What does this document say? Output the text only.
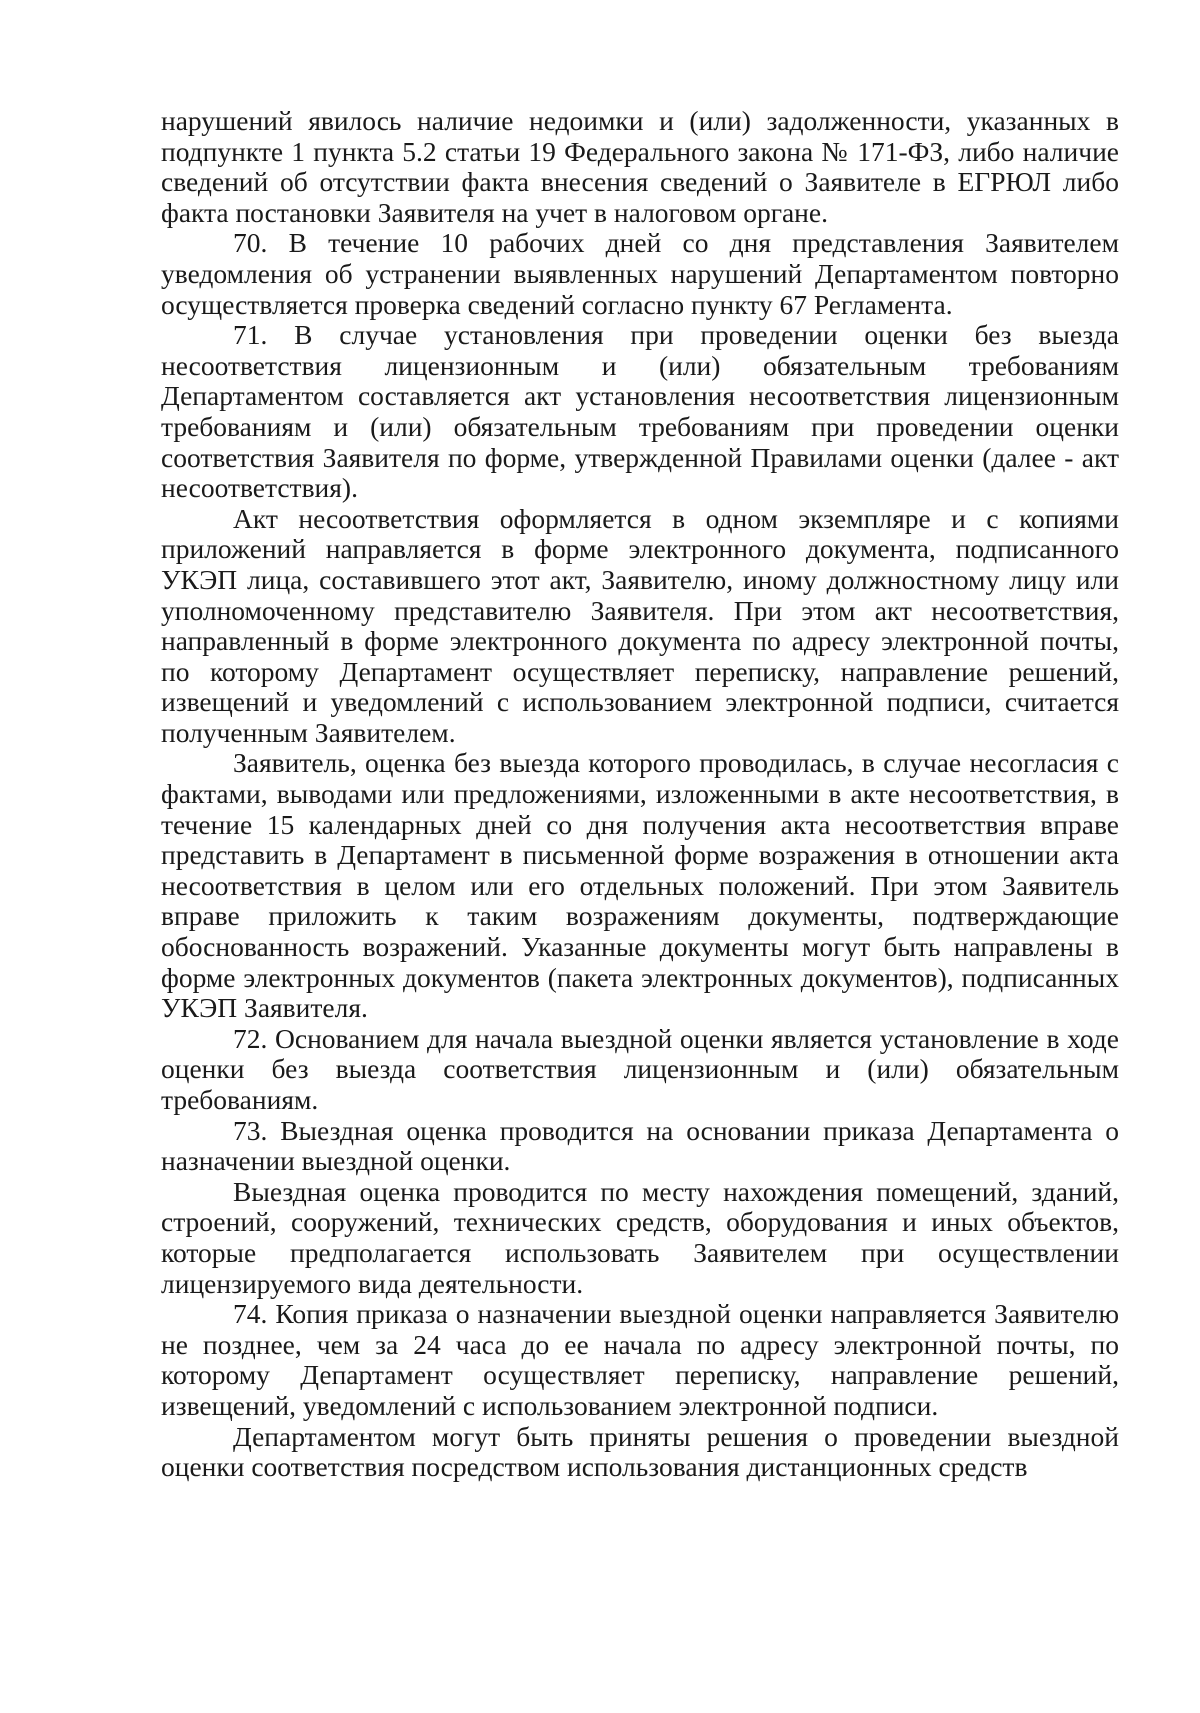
нарушений явилось наличие недоимки и (или) задолженности, указанных в подпункте 1 пункта 5.2 статьи 19 Федерального закона № 171-ФЗ, либо наличие сведений об отсутствии факта внесения сведений о Заявителе в ЕГРЮЛ либо факта постановки Заявителя на учет в налоговом органе.

70. В течение 10 рабочих дней со дня представления Заявителем уведомления об устранении выявленных нарушений Департаментом повторно осуществляется проверка сведений согласно пункту 67 Регламента.

71. В случае установления при проведении оценки без выезда несоответствия лицензионным и (или) обязательным требованиям Департаментом составляется акт установления несоответствия лицензионным требованиям и (или) обязательным требованиям при проведении оценки соответствия Заявителя по форме, утвержденной Правилами оценки (далее - акт несоответствия).

Акт несоответствия оформляется в одном экземпляре и с копиями приложений направляется в форме электронного документа, подписанного УКЭП лица, составившего этот акт, Заявителю, иному должностному лицу или уполномоченному представителю Заявителя. При этом акт несоответствия, направленный в форме электронного документа по адресу электронной почты, по которому Департамент осуществляет переписку, направление решений, извещений и уведомлений с использованием электронной подписи, считается полученным Заявителем.

Заявитель, оценка без выезда которого проводилась, в случае несогласия с фактами, выводами или предложениями, изложенными в акте несоответствия, в течение 15 календарных дней со дня получения акта несоответствия вправе представить в Департамент в письменной форме возражения в отношении акта несоответствия в целом или его отдельных положений. При этом Заявитель вправе приложить к таким возражениям документы, подтверждающие обоснованность возражений. Указанные документы могут быть направлены в форме электронных документов (пакета электронных документов), подписанных УКЭП Заявителя.

72. Основанием для начала выездной оценки является установление в ходе оценки без выезда соответствия лицензионным и (или) обязательным требованиям.

73. Выездная оценка проводится на основании приказа Департамента о назначении выездной оценки.

Выездная оценка проводится по месту нахождения помещений, зданий, строений, сооружений, технических средств, оборудования и иных объектов, которые предполагается использовать Заявителем при осуществлении лицензируемого вида деятельности.

74. Копия приказа о назначении выездной оценки направляется Заявителю не позднее, чем за 24 часа до ее начала по адресу электронной почты, по которому Департамент осуществляет переписку, направление решений, извещений, уведомлений с использованием электронной подписи.

Департаментом могут быть приняты решения о проведении выездной оценки соответствия посредством использования дистанционных средств
